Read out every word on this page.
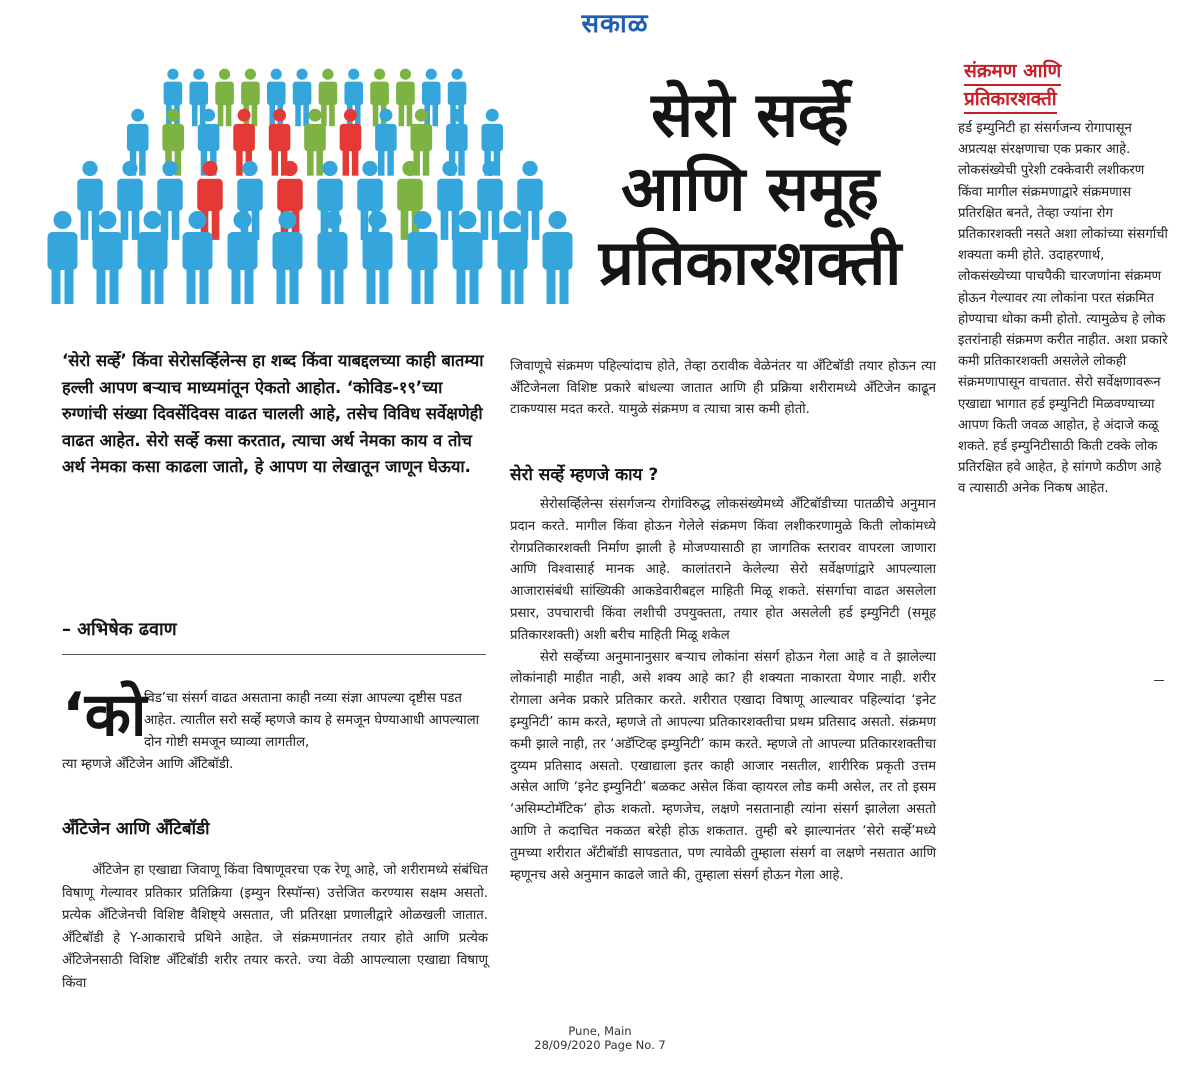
सकाळ
सेरो सर्व्हे
आणि समूह
प्रतिकारशक्ती
संक्रमण आणि
प्रतिकारशक्ती
हर्ड इम्युनिटी हा संसर्गजन्य रोगापासून अप्रत्यक्ष संरक्षणाचा एक प्रकार आहे. लोकसंख्येची पुरेशी टक्केवारी लशीकरण किंवा मागील संक्रमणाद्वारे संक्रमणास प्रतिरक्षित बनते, तेव्हा ज्यांना रोग प्रतिकारशक्ती नसते अशा लोकांच्या संसर्गाची शक्यता कमी होते. उदाहरणार्थ, लोकसंख्येच्या पाचपैकी चारजणांना संक्रमण होऊन गेल्यावर त्या लोकांना परत संक्रमित होण्याचा धोका कमी होतो. त्यामुळेच हे लोक इतरांनाही संक्रमण करीत नाहीत. अशा प्रकारे कमी प्रतिकारशक्ती असलेले लोकही संक्रमणापासून वाचतात. सेरो सर्वेक्षणावरून एखाद्या भागात हर्ड इम्युनिटी मिळवण्याच्या आपण किती जवळ आहोत, हे अंदाजे कळू शकते. हर्ड इम्युनिटीसाठी किती टक्के लोक प्रतिरक्षित हवे आहेत, हे सांगणे कठीण आहे व त्यासाठी अनेक निकष आहेत.
‘सेरो सर्व्हे’ किंवा सेरोसर्व्हिलेन्स हा शब्द किंवा याबद्दलच्या काही बातम्या हल्ली आपण बऱ्याच माध्यमांतून ऐकतो आहोत. ‘कोविड-१९’च्या रुग्णांची संख्या दिवसेंदिवस वाढत चालली आहे, तसेच विविध सर्वेक्षणेही वाढत आहेत. सेरो सर्व्हे कसा करतात, त्याचा अर्थ नेमका काय व तोच अर्थ नेमका कसा काढला जातो, हे आपण या लेखातून जाणून घेऊया.
– अभिषेक ढवाण
‘को
विड’चा संसर्ग वाढत असताना काही नव्या संज्ञा आपल्या दृष्टीस पडत आहेत. त्यातील सरो सर्व्हे म्हणजे काय हे समजून घेण्याआधी आपल्याला दोन गोष्टी समजून घ्याव्या लागतील,
त्या म्हणजे ॲंटिजेन आणि ॲंटिबॉडी.
ॲंटिजेन आणि ॲंटिबॉडी

ॲंटिजेन हा एखाद्या जिवाणू किंवा विषाणूवरचा एक रेणू आहे, जो शरीरामध्ये संबंधित विषाणू गेल्यावर प्रतिकार प्रतिक्रिया (इम्युन रिस्पॉन्स) उत्तेजित करण्यास सक्षम असतो. प्रत्येक ॲंटिजेनची विशिष्ट वैशिष्ट्ये असतात, जी प्रतिरक्षा प्रणालीद्वारे ओळखली जातात. ॲंटिबॉडी हे Y-आकाराचे प्रथिने आहेत. जे संक्रमणानंतर तयार होते आणि प्रत्येक ॲंटिजेनसाठी विशिष्ट ॲंटिबॉडी शरीर तयार करते. ज्या वेळी आपल्याला एखाद्या विषाणू किंवा

जिवाणूचे संक्रमण पहिल्यांदाच होते, तेव्हा ठरावीक वेळेनंतर या ॲंटिबॉडी तयार होऊन त्या ॲंटिजेनला विशिष्ट प्रकारे बांधल्या जातात आणि ही प्रक्रिया शरीरामध्ये ॲंटिजेन काढून टाकण्यास मदत करते. यामुळे संक्रमण व त्याचा त्रास कमी होतो.
सेरो सर्व्हे म्हणजे काय ?

सेरोसर्व्हिलेन्स संसर्गजन्य रोगांविरुद्ध लोकसंख्येमध्ये ॲंटिबॉडीच्या पातळीचे अनुमान प्रदान करते. मागील किंवा होऊन गेलेले संक्रमण किंवा लशीकरणामुळे किती लोकांमध्ये रोगप्रतिकारशक्ती निर्माण झाली हे मोजण्यासाठी हा जागतिक स्तरावर वापरला जाणारा आणि विश्वासार्ह मानक आहे. कालांतराने केलेल्या सेरो सर्वेक्षणांद्वारे आपल्याला आजारासंबंधी सांख्यिकी आकडेवारीबद्दल माहिती मिळू शकते. संसर्गाचा वाढत असलेला प्रसार, उपचाराची किंवा लशीची उपयुक्तता, तयार होत असलेली हर्ड इम्युनिटी (समूह प्रतिकारशक्ती) अशी बरीच माहिती मिळू शकेल

सेरो सर्व्हेच्या अनुमानानुसार बऱ्याच लोकांना संसर्ग होऊन गेला आहे व ते झालेल्या लोकांनाही माहीत नाही, असे शक्य आहे का? ही शक्यता नाकारता येणार नाही. शरीर रोगाला अनेक प्रकारे प्रतिकार करते. शरीरात एखादा विषाणू आल्यावर पहिल्यांदा ‘इनेट इम्युनिटी’ काम करते, म्हणजे तो आपल्या प्रतिकारशक्तीचा प्रथम प्रतिसाद असतो. संक्रमण कमी झाले नाही, तर ‘अडॅप्टिव्ह इम्युनिटी’ काम करते. म्हणजे तो आपल्या प्रतिकारशक्तीचा दुय्यम प्रतिसाद असतो. एखाद्याला इतर काही आजार नसतील, शारीरिक प्रकृती उत्तम असेल आणि ‘इनेट इम्युनिटी’ बळकट असेल किंवा व्हायरल लोड कमी असेल, तर तो इसम ‘असिम्प्टोमॅटिक’ होऊ शकतो. म्हणजेच, लक्षणे नसतानाही त्यांना संसर्ग झालेला असतो आणि ते कदाचित नकळत बरेही होऊ शकतात. तुम्ही बरे झाल्यानंतर ‘सेरो सर्व्हे’मध्ये तुमच्या शरीरात ॲंटीबॉडी सापडतात, पण त्यावेळी तुम्हाला संसर्ग वा लक्षणे नसतात आणि म्हणूनच असे अनुमान काढले जाते की, तुम्हाला संसर्ग होऊन गेला आहे.

Pune, Main
28/09/2020 Page No. 7
